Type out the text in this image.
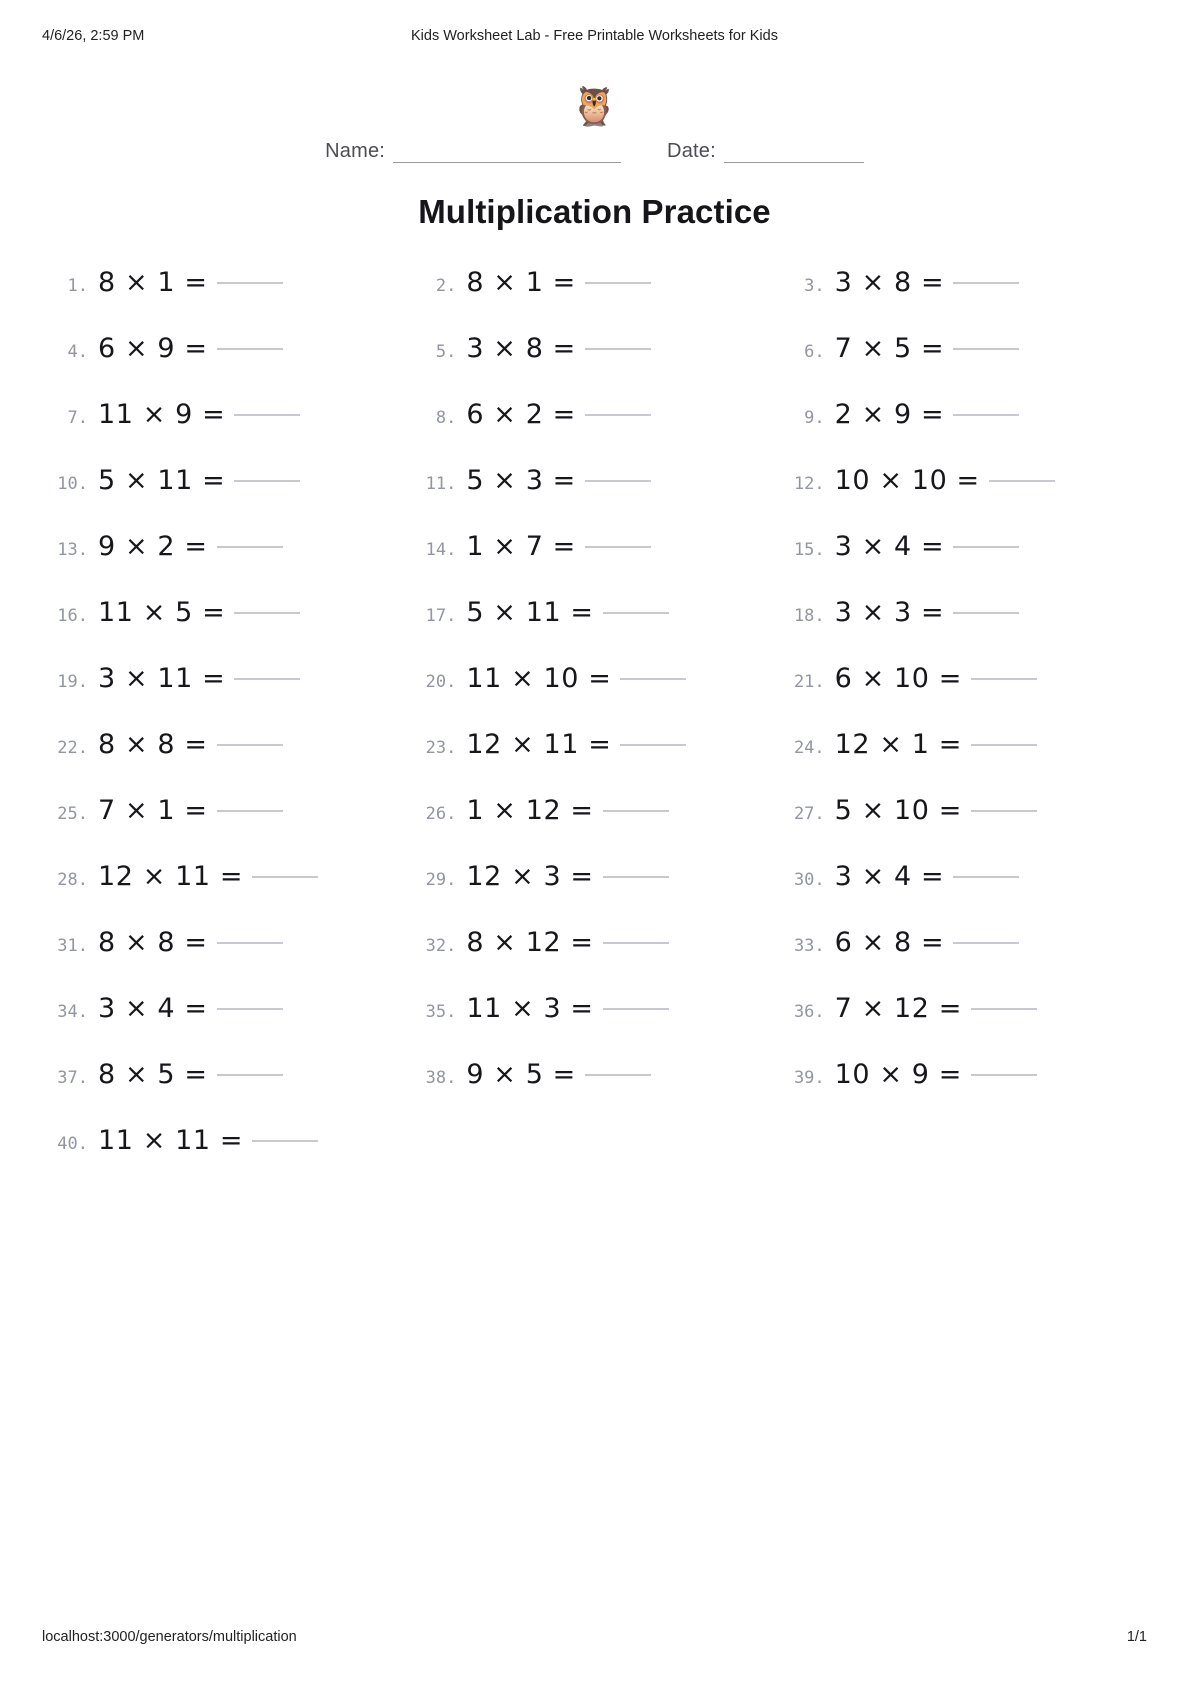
4/6/26, 2:59 PM	Kids Worksheet Lab - Free Printable Worksheets for Kids
🦉
Name:	Date:
Multiplication Practice
1. 8 × 1 =	2. 8 × 1 =	3. 3 × 8 =
4. 6 × 9 =	5. 3 × 8 =	6. 7 × 5 =
7. 11 × 9 =	8. 6 × 2 =	9. 2 × 9 =
10. 5 × 11 =	11. 5 × 3 =	12. 10 × 10 =
13. 9 × 2 =	14. 1 × 7 =	15. 3 × 4 =
16. 11 × 5 =	17. 5 × 11 =	18. 3 × 3 =
19. 3 × 11 =	20. 11 × 10 =	21. 6 × 10 =
22. 8 × 8 =	23. 12 × 11 =	24. 12 × 1 =
25. 7 × 1 =	26. 1 × 12 =	27. 5 × 10 =
28. 12 × 11 =	29. 12 × 3 =	30. 3 × 4 =
31. 8 × 8 =	32. 8 × 12 =	33. 6 × 8 =
34. 3 × 4 =	35. 11 × 3 =	36. 7 × 12 =
37. 8 × 5 =	38. 9 × 5 =	39. 10 × 9 =
40. 11 × 11 =
localhost:3000/generators/multiplication	1/1
